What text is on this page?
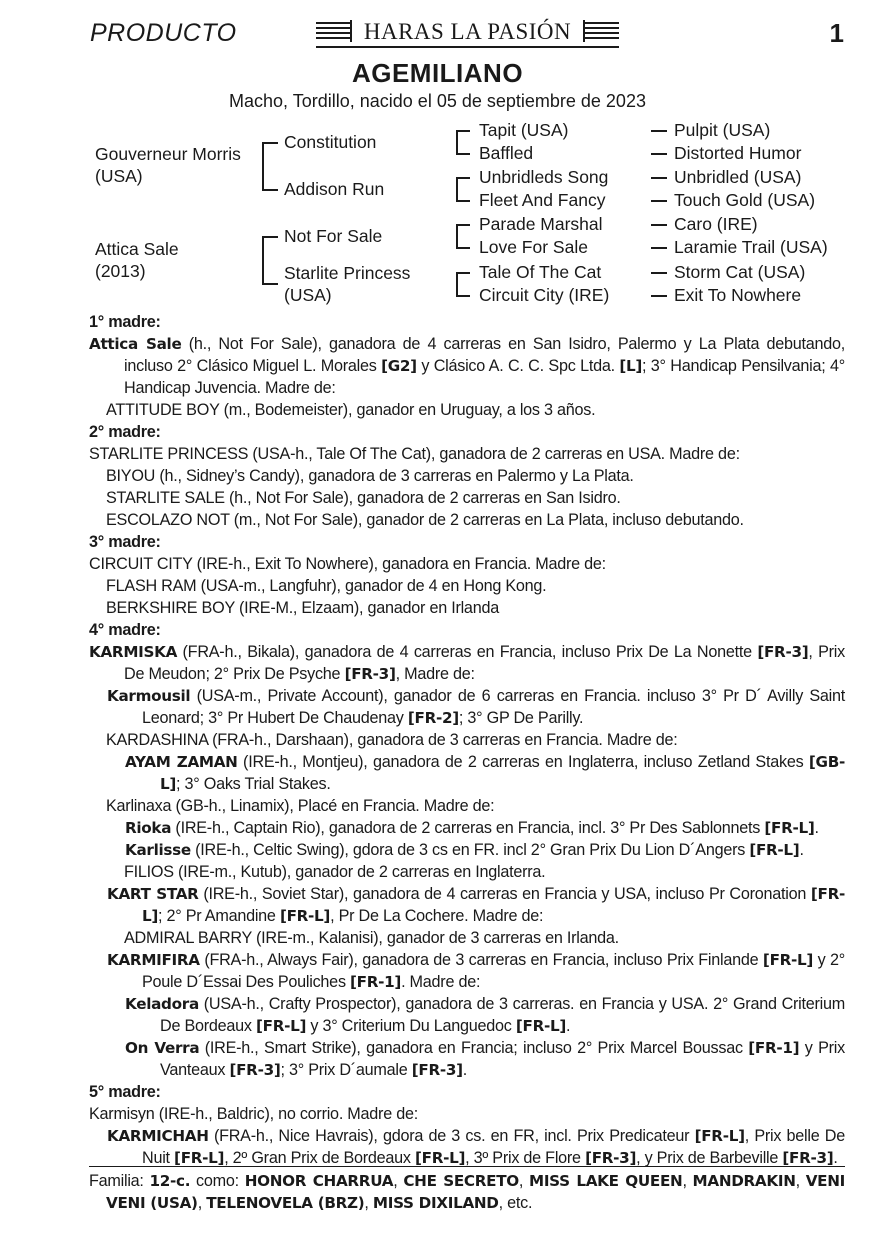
PRODUCTO	HARAS LA PASIÓN	1
AGEMILIANO
Macho, Tordillo, nacido el 05 de septiembre de 2023
Gouverneur Morris
(USA)
Attica Sale
(2013)
Constitution
Addison Run
Not For Sale
Starlite Princess
(USA)
Tapit (USA)
Baffled
Unbridleds Song
Fleet And Fancy
Parade Marshal
Love For Sale
Tale Of The Cat
Circuit City (IRE)
Pulpit (USA)
Distorted Humor
Unbridled (USA)
Touch Gold (USA)
Caro (IRE)
Laramie Trail (USA)
Storm Cat (USA)
Exit To Nowhere

1° madre:

Attica Sale (h., Not For Sale), ganadora de 4 carreras en San Isidro, Palermo y La Plata debutando, incluso 2° Clásico Miguel L. Morales [G2] y Clásico A. C. C. Spc Ltda. [L]; 3° Handicap Pensilvania; 4° Handicap Juvencia. Madre de:

ATTITUDE BOY (m., Bodemeister), ganador en Uruguay, a los 3 años.

2° madre:

STARLITE PRINCESS (USA-h., Tale Of The Cat), ganadora de 2 carreras en USA. Madre de:

BIYOU (h., Sidney’s Candy), ganadora de 3 carreras en Palermo y La Plata.

STARLITE SALE (h., Not For Sale), ganadora de 2 carreras en San Isidro.

ESCOLAZO NOT (m., Not For Sale), ganador de 2 carreras en La Plata, incluso debutando.

3° madre:

CIRCUIT CITY (IRE-h., Exit To Nowhere), ganadora en Francia. Madre de:

FLASH RAM (USA-m., Langfuhr), ganador de 4 en Hong Kong.

BERKSHIRE BOY (IRE-M., Elzaam), ganador en Irlanda

4° madre:

KARMISKA (FRA-h., Bikala), ganadora de 4 carreras en Francia, incluso Prix De La Nonette [FR-3], Prix De Meudon; 2° Prix De Psyche [FR-3], Madre de:

Karmousil (USA-m., Private Account), ganador de 6 carreras en Francia. incluso 3° Pr D´ Avilly Saint Leonard; 3° Pr Hubert De Chaudenay [FR-2]; 3° GP De Parilly.

KARDASHINA (FRA-h., Darshaan), ganadora de 3 carreras en Francia. Madre de:

AYAM ZAMAN (IRE-h., Montjeu), ganadora de 2 carreras en Inglaterra, incluso Zetland Stakes [GB-L]; 3° Oaks Trial Stakes.

Karlinaxa (GB-h., Linamix), Placé en Francia. Madre de:

Rioka (IRE-h., Captain Rio), ganadora de 2 carreras en Francia, incl. 3° Pr Des Sablonnets [FR-L].

Karlisse (IRE-h., Celtic Swing), gdora de 3 cs en FR. incl 2° Gran Prix Du Lion D´Angers [FR-L].

FILIOS (IRE-m., Kutub), ganador de 2 carreras en Inglaterra.

KART STAR (IRE-h., Soviet Star), ganadora de 4 carreras en Francia y USA, incluso Pr Coronation [FR-L]; 2° Pr Amandine [FR-L], Pr De La Cochere. Madre de:

ADMIRAL BARRY (IRE-m., Kalanisi), ganador de 3 carreras en Irlanda.

KARMIFIRA (FRA-h., Always Fair), ganadora de 3 carreras en Francia, incluso Prix Finlande [FR-L] y 2° Poule D´Essai Des Pouliches [FR-1]. Madre de:

Keladora (USA-h., Crafty Prospector), ganadora de 3 carreras. en Francia y USA. 2° Grand Criterium De Bordeaux [FR-L] y 3° Criterium Du Languedoc [FR-L].

On Verra (IRE-h., Smart Strike), ganadora en Francia; incluso 2° Prix Marcel Boussac [FR-1] y Prix Vanteaux [FR-3]; 3° Prix D´aumale [FR-3].

5° madre:

Karmisyn (IRE-h., Baldric), no corrio. Madre de:

KARMICHAH (FRA-h., Nice Havrais), gdora de 3 cs. en FR, incl. Prix Predicateur [FR-L], Prix belle De Nuit [FR-L], 2º Gran Prix de Bordeaux [FR-L], 3º Prix de Flore [FR-3], y Prix de Barbeville [FR-3].

Familia: 12-c. como: HONOR CHARRUA, CHE SECRETO, MISS LAKE QUEEN, MANDRAKIN, VENI VENI (USA), TELENOVELA (BRZ), MISS DIXILAND, etc.
